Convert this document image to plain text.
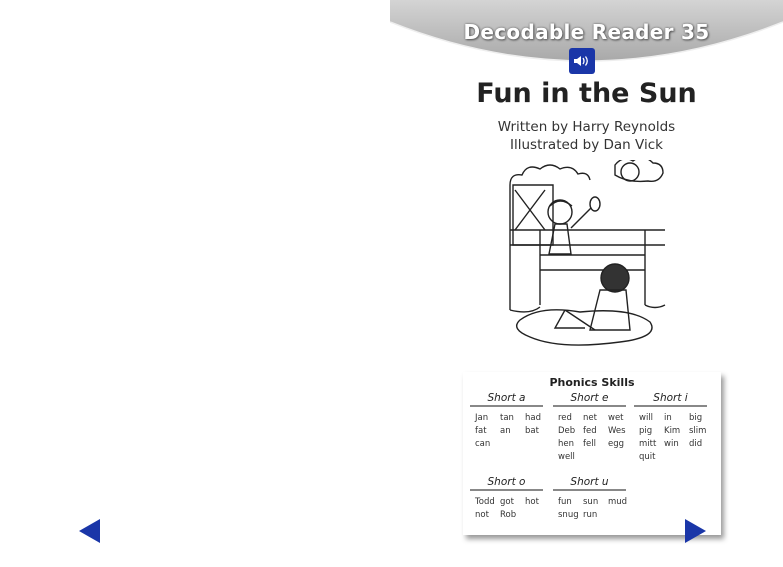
Decodable Reader 35
Fun in the Sun
Written by Harry Reynolds
Illustrated by Dan Vick
Phonics Skills
Short a
Jan tan had
fat an bat
can
Short e
red net wet
Deb fed Wes
hen fell egg
well
Short i
will in big
pig Kim slim
mitt win did
quit
Short o
Todd got hot
not Rob
Short u
fun sun mud
snug run
